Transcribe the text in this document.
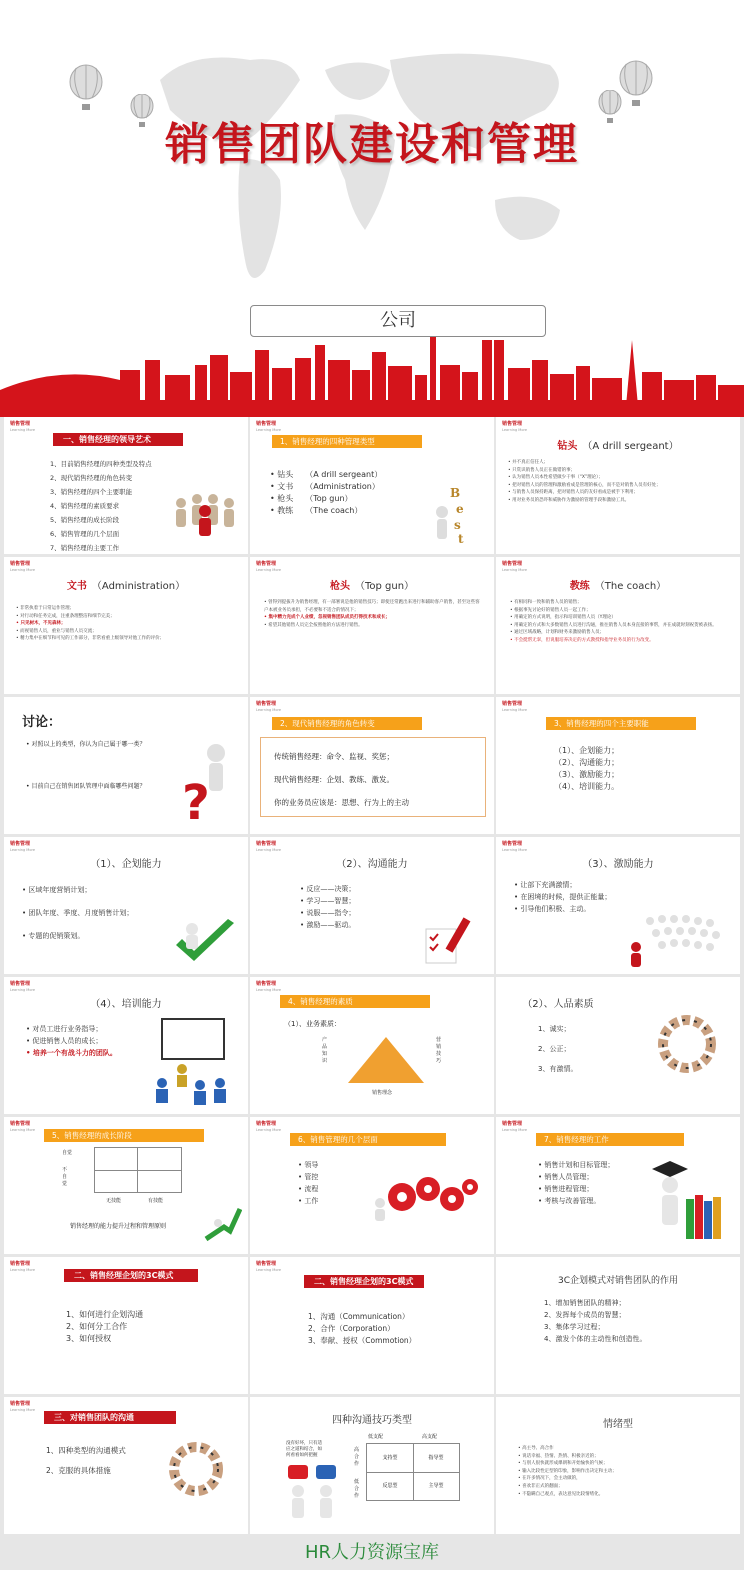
销售团队建设和管理
公司
销售管理
Learning More
一、销售经理的领导艺术
1、目前销售经理的四种类型及特点
2、现代销售经理的角色转变
3、销售经理的四个主要职能
4、销售经理的素质要求
5、销售经理的成长阶段
6、销售管理的几个层面
7、销售经理的主要工作
销售管理
Learning More
1、销售经理的四种管理类型
• 钻头　　（A drill sergeant）
• 文书　　（Administration）
• 枪头　　（Top gun）
• 教练　　（The coach）
B
e
s
t
销售管理
Learning More
钻头　 （A drill sergeant）
• 并不真正信任人；
• 只赏识销售人员正在做错的事；
• 认为销售人员本性希望做少干事（“X”理论）；
• 把对销售人员的管理和激励看成是管理的核心，而不是对销售人员有好处；
• 与销售人员保持距离，把对销售人员的友好看成是被手下利用；
• 用对业务员的恐吓和威胁作为激励的管理手段和激励工具。
销售管理
Learning More
文书　 （Administration）
• 非常执着于日常运作管理；
• 对行动和任务完成，注重条理整洁和细节完美；
• 只见树木，不见森林；
• 而视销售人员，重业与销售人员交流；
• 精力集中在细节和可见的工作部分，非常看重上级领导对他工作的评价；
销售管理
Learning More
枪头　 （Top gun）
• 曾得到提拔升为销售经理，有一部署说是他的销售技巧；即使还常跑出来进行和辅助客户销售，甚至这些客户本被业务员承担，不必要和不适合的情况下；
• 集中精力完成个人业绩，忽视销售团队成员打得技术和成长；
• 希望其他销售人员完全按照他的方法进行销售。
销售管理
Learning More
教练　 （The coach）
• 有相同和一致和销售人员的销售；
• 根据事先讨论好的销售人员一起工作；
• 用确定的方式说明，指示和培训销售人员（Y理论）
• 用确定的方式和大多数销售人员进行沟通，推往销售人员本身直接的事帮，并在成就时刻祝贺被表扬。
• 通过区域战略，计划和财务来激励销售人员；
• 不会挺帮无辜，但说服培养决定的方式教授和指导业务员的行为改变。
讨论：
• 对照以上的类型，你认为自己属于哪一类？
• 目前自己在销售团队管理中面临哪些问题？ ?
销售管理
Learning More
2、现代销售经理的角色转变
传统销售经理：命令、监视、奖惩；
现代销售经理：企划、教练、激发。
你的业务员应该是：思想、行为上的主动
销售管理
Learning More
3、销售经理的四个主要职能
（1）、企划能力；
（2）、沟通能力；
（3）、激励能力；
（4）、培训能力。
销售管理
Learning More
（1）、企划能力
• 区域年度营销计划；
• 团队年度、季度、月度销售计划；
• 专题的促销策划。
销售管理
Learning More
（2）、沟通能力
• 反应——决策；
• 学习——智慧；
• 说服——指令；
• 激励——驱动。
销售管理
Learning More
（3）、激励能力
• 让部下充满激情；
• 在困境的时候，提供正能量；
• 引导他们积极、主动。
销售管理
Learning More
（4）、培训能力
• 对员工进行业务指导；
• 促进销售人员的成长；
• 培养一个有战斗力的团队。
销售管理
Learning More
4、销售经理的素质
（1）、业务素质：
产品知识
营销技巧
销售理念
（2）、人品素质
1、诚实；
2、公正；
3、有激情。
销售管理
Learning More
5、销售经理的成长阶段
自觉
不自觉
无技能	有技能
销售经理的能力提升过程和管理原则
销售管理
Learning More
6、销售管理的几个层面
• 领导
• 管控
• 流程
• 工作
销售管理
Learning More
7、销售经理的工作
• 销售计划和目标管理；
• 销售人员管理；
• 销售进程管理；
• 考核与改善管理。
销售管理
Learning More
二、销售经理企划的3C模式
1、如何进行企划沟通
2、如何分工合作
3、如何授权
销售管理
Learning More
二、销售经理企划的3C模式
1、沟通（Communication）
2、合作（Corporation）
3、奉献、授权（Commotion）
3C企划模式对销售团队的作用
1、增加销售团队的精神；
2、发挥每个成员的智慧；
3、集体学习过程；
4、激发个体的主动性和创造性。
销售管理
Learning More
三、对销售团队的沟通
1、四种类型的沟通模式
2、克服的具体措施
四种沟通技巧类型
低支配	高支配
高合作
低合作
支持型	指导型
反思型	主导型
没有好坏，只有适应之道和结合，如何看看如何把握
情绪型
• 高主导、高合作
• 说话幸福、热情、热情、积极亲近的；
• 与别人很快就形成爆朗和开始愉快的气候；
• 输入比较性定型的印象，影响作出决定和主动；
• 在许多情况下，会主动做的，
• 喜欢非正式的翻面；
• 不隐瞒自己观点，表达意见比较情绪化。
HR人力资源宝库
